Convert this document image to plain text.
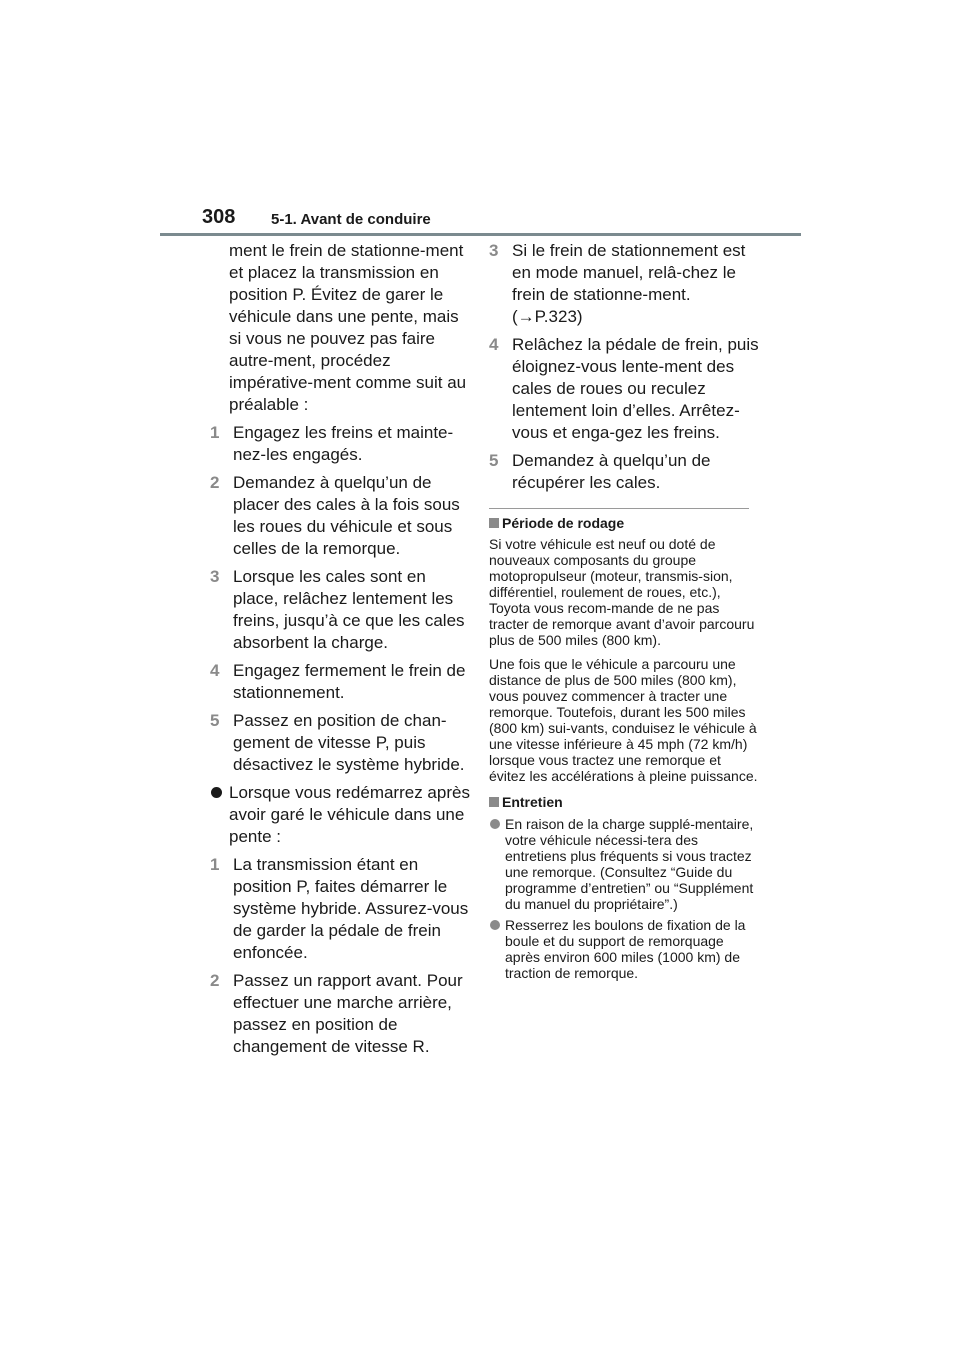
308 5-1. Avant de conduire

ment le frein de stationne-ment et placez la transmission en position P. Évitez de garer le véhicule dans une pente, mais si vous ne pouvez pas faire autre-ment, procédez impérative-ment comme suit au préalable :

1 Engagez les freins et mainte-nez-les engagés.
2 Demandez à quelqu’un de placer des cales à la fois sous les roues du véhicule et sous celles de la remorque.
3 Lorsque les cales sont en place, relâchez lentement les freins, jusqu’à ce que les cales absorbent la charge.
4 Engagez fermement le frein de stationnement.
5 Passez en position de chan-gement de vitesse P, puis désactivez le système hybride.
Lorsque vous redémarrez après avoir garé le véhicule dans une pente :
1 La transmission étant en position P, faites démarrer le système hybride. Assurez-vous de garder la pédale de frein enfoncée.
2 Passez un rapport avant. Pour effectuer une marche arrière, passez en position de changement de vitesse R.
3 Si le frein de stationnement est en mode manuel, relâ-chez le frein de stationne-ment. (→P.323)
4 Relâchez la pédale de frein, puis éloignez-vous lente-ment des cales de roues ou reculez lentement loin d’elles. Arrêtez-vous et enga-gez les freins.
5 Demandez à quelqu’un de récupérer les cales.
Période de rodage
Si votre véhicule est neuf ou doté de nouveaux composants du groupe motopropulseur (moteur, transmis-sion, différentiel, roulement de roues, etc.), Toyota vous recom-mande de ne pas tracter de remorque avant d’avoir parcouru plus de 500 miles (800 km).
Une fois que le véhicule a parcouru une distance de plus de 500 miles (800 km), vous pouvez commencer à tracter une remorque. Toutefois, durant les 500 miles (800 km) sui-vants, conduisez le véhicule à une vitesse inférieure à 45 mph (72 km/h) lorsque vous tractez une remorque et évitez les accélérations à pleine puissance.
Entretien
En raison de la charge supplé-mentaire, votre véhicule nécessi-tera des entretiens plus fréquents si vous tractez une remorque. (Consultez “Guide du programme d’entretien” ou “Supplément du manuel du propriétaire”.)
Resserrez les boulons de fixation de la boule et du support de remorquage après environ 600 miles (1000 km) de traction de remorque.
